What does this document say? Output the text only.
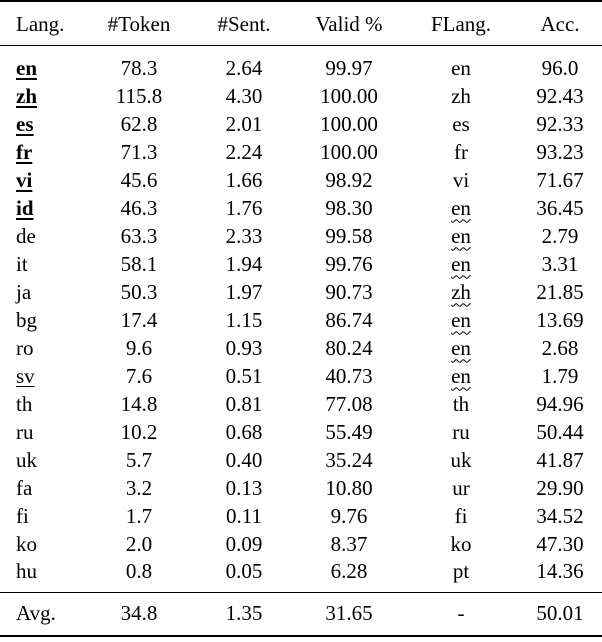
Lang.	#Token	#Sent.	Valid %	FLang.	Acc.
en	78.3	2.64	99.97	en	96.0
zh	115.8	4.30	100.00	zh	92.43
es	62.8	2.01	100.00	es	92.33
fr	71.3	2.24	100.00	fr	93.23
vi	45.6	1.66	98.92	vi	71.67
id	46.3	1.76	98.30	en	36.45
de	63.3	2.33	99.58	en	2.79
it	58.1	1.94	99.76	en	3.31
ja	50.3	1.97	90.73	zh	21.85
bg	17.4	1.15	86.74	en	13.69
ro	9.6	0.93	80.24	en	2.68
sv	7.6	0.51	40.73	en	1.79
th	14.8	0.81	77.08	th	94.96
ru	10.2	0.68	55.49	ru	50.44
uk	5.7	0.40	35.24	uk	41.87
fa	3.2	0.13	10.80	ur	29.90
fi	1.7	0.11	9.76	fi	34.52
ko	2.0	0.09	8.37	ko	47.30
hu	0.8	0.05	6.28	pt	14.36
Avg.	34.8	1.35	31.65	-	50.01
